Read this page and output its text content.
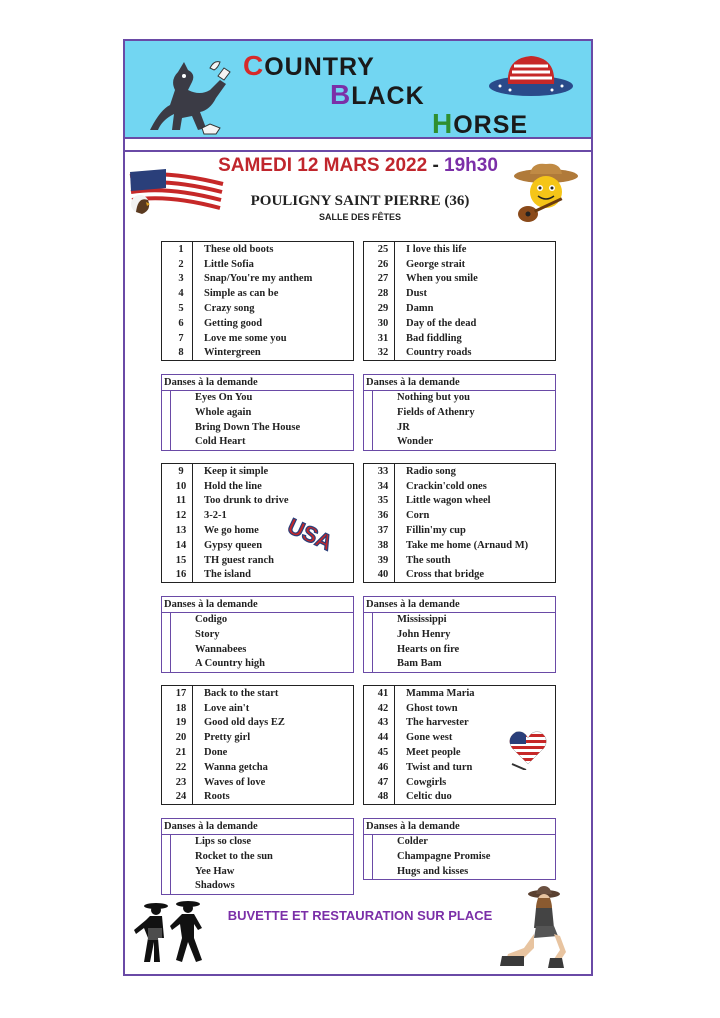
COUNTRY
BLACK
HORSE
SAMEDI 12 MARS 2022 - 19h30
POULIGNY SAINT PIERRE (36)
SALLE DES FÊTES
1	These old boots
2	Little Sofia
3	Snap/You're my anthem
4	Simple as can be
5	Crazy song
6	Getting good
7	Love me some you
8	Wintergreen
Danses à la demande
Eyes On You
Whole again
Bring Down The House
Cold Heart
25	I love this life
26	George strait
27	When you smile
28	Dust
29	Damn
30	Day of the dead
31	Bad fiddling
32	Country roads
Danses à la demande
Nothing but you
Fields of Athenry
JR
Wonder
9	Keep it simple
10	Hold the line
11	Too drunk to drive
12	3-2-1
13	We go home
14	Gypsy queen
15	TH guest ranch
16	The island
Danses à la demande
Codigo
Story
Wannabees
A Country high
33	Radio song
34	Crackin'cold ones
35	Little wagon wheel
36	Corn
37	Fillin'my cup
38	Take me home (Arnaud M)
39	The south
40	Cross that bridge
Danses à la demande
Mississippi
John Henry
Hearts on fire
Bam Bam
17	Back to the start
18	Love ain't
19	Good old days EZ
20	Pretty girl
21	Done
22	Wanna getcha
23	Waves of love
24	Roots
Danses à la demande
Lips so close
Rocket to the sun
Yee Haw
Shadows
41	Mamma Maria
42	Ghost town
43	The harvester
44	Gone west
45	Meet people
46	Twist and turn
47	Cowgirls
48	Celtic duo
Danses à la demande
Colder
Champagne Promise
Hugs and kisses
USA
BUVETTE ET RESTAURATION SUR PLACE
